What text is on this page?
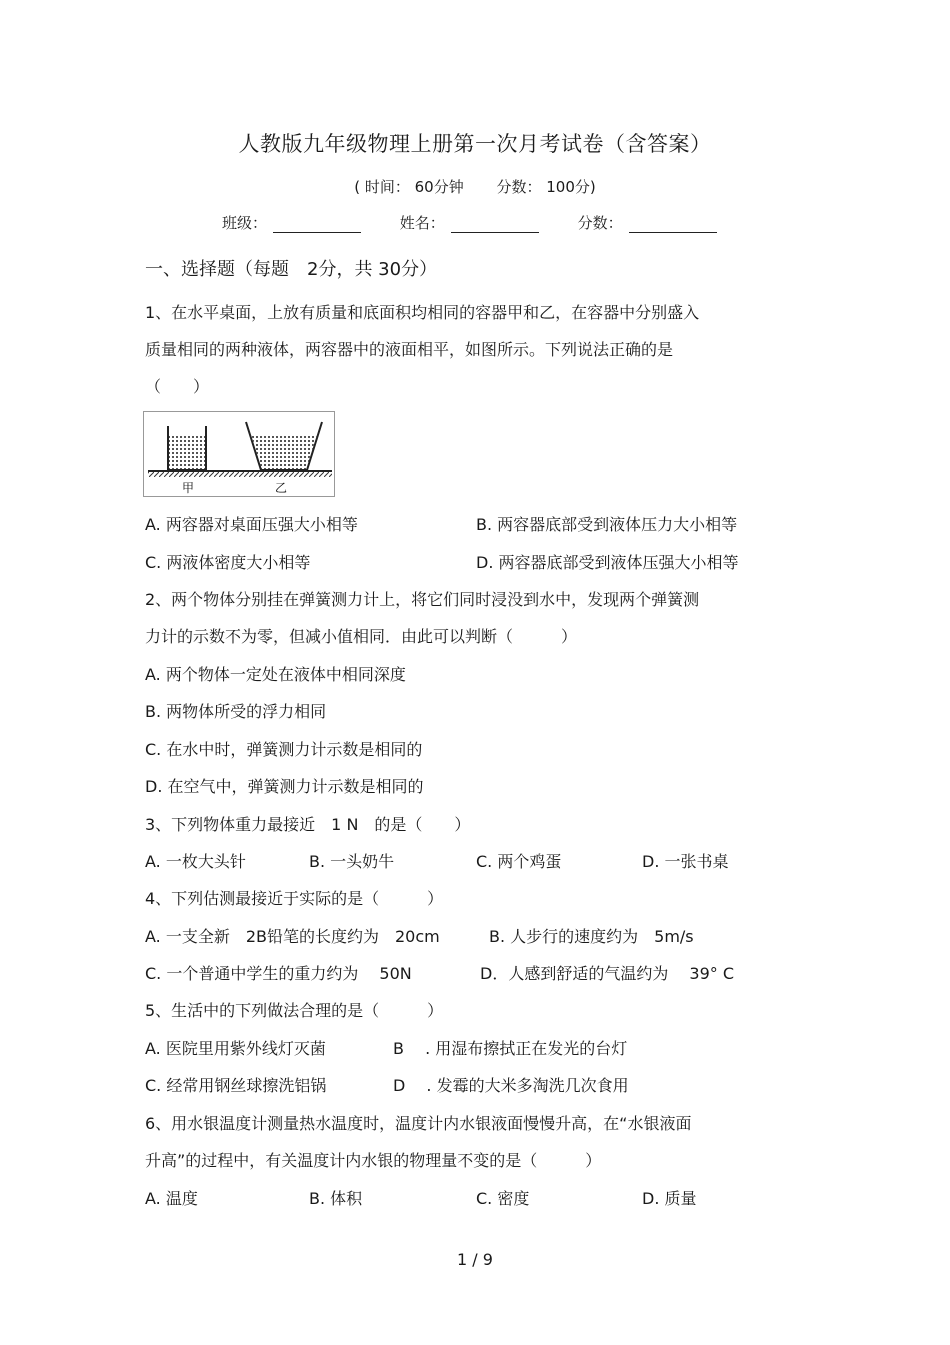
人教版九年级物理上册第一次月考试卷（含答案）
( 时间： 60分钟 分数： 100分)
班级：	姓名：	分数：
一、选择题（每题　2分，共 30分）
1、在水平桌面，上放有质量和底面积均相同的容器甲和乙，在容器中分别盛入
质量相同的两种液体，两容器中的液面相平，如图所示。下列说法正确的是
（　　）
甲	乙
A. 两容器对桌面压强大小相等	B. 两容器底部受到液体压力大小相等
C. 两液体密度大小相等	D. 两容器底部受到液体压强大小相等
2、两个物体分别挂在弹簧测力计上，将它们同时浸没到水中，发现两个弹簧测
力计的示数不为零，但减小值相同．由此可以判断（　　　）
A. 两个物体一定处在液体中相同深度
B. 两物体所受的浮力相同
C. 在水中时，弹簧测力计示数是相同的
D. 在空气中，弹簧测力计示数是相同的
3、下列物体重力最接近　1 N　的是（　　）
A. 一枚大头针	B. 一头奶牛	C. 两个鸡蛋	D. 一张书桌
4、下列估测最接近于实际的是（　　　）
A. 一支全新　2B铅笔的长度约为　20cm	B. 人步行的速度约为　5m/s
C. 一个普通中学生的重力约为　 50N	D．人感到舒适的气温约为　 39° C
5、生活中的下列做法合理的是（　　　）
A. 医院里用紫外线灯灭菌	B　 . 用湿布擦拭正在发光的台灯
C. 经常用钢丝球擦洗铝锅	D　 . 发霉的大米多淘洗几次食用
6、用水银温度计测量热水温度时，温度计内水银液面慢慢升高，在“水银液面
升高”的过程中，有关温度计内水银的物理量不变的是（　　　）
A. 温度	B. 体积	C. 密度	D. 质量
1 / 9
